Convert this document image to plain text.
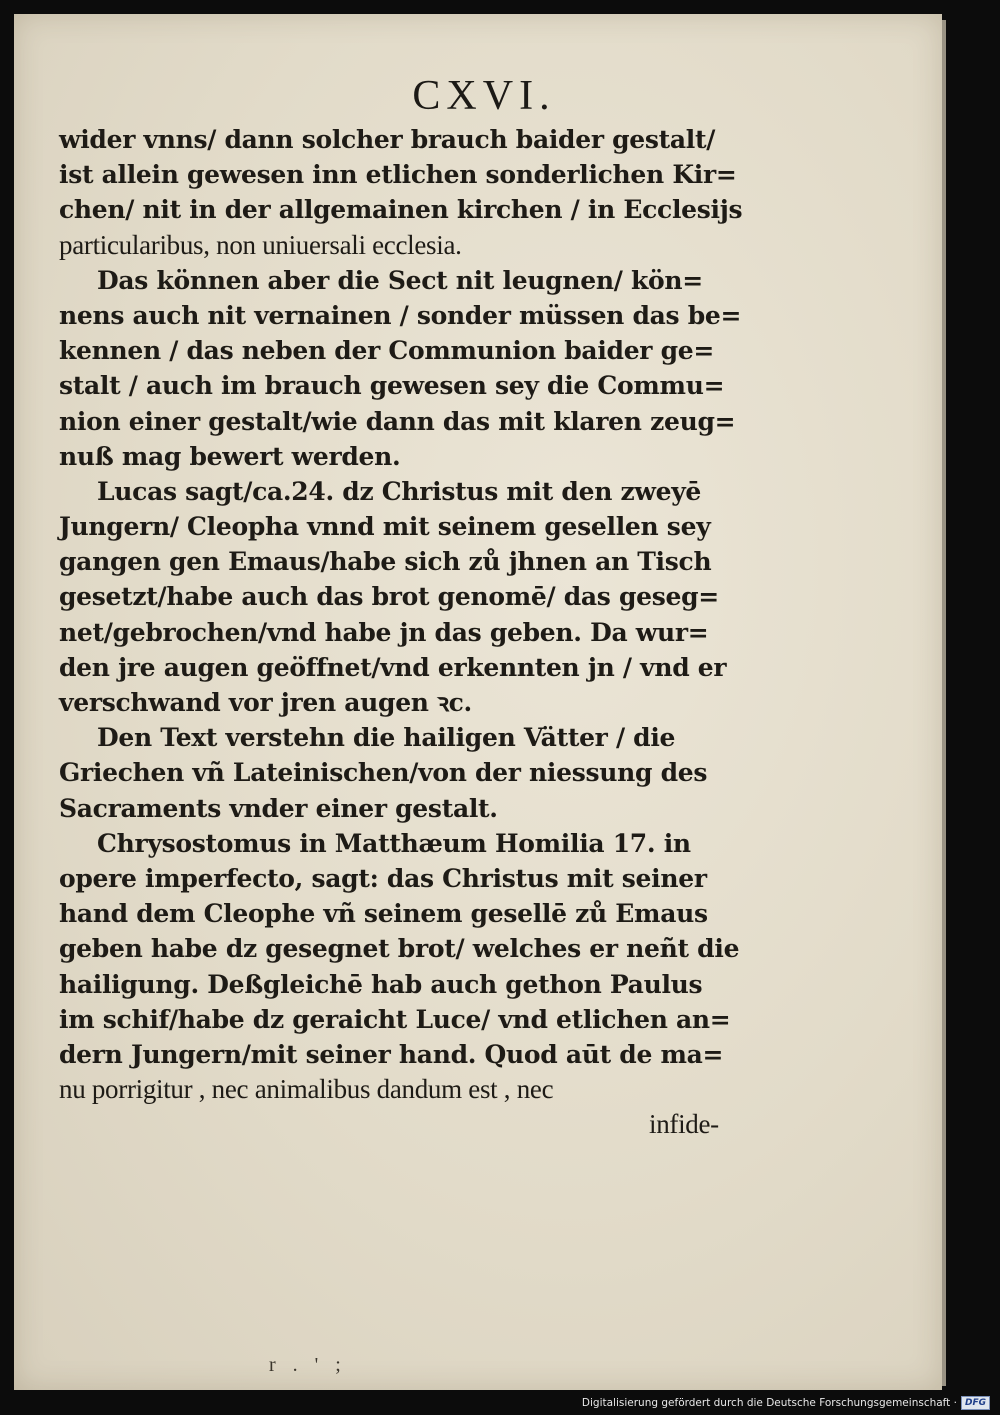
CXVI.
wider vnns/ dann solcher brauch baider gestalt/
ist allein gewesen inn etlichen sonderlichen Kir=
chen/ nit in der allgemainen kirchen / in Ecclesijs
particularibus, non uniuersali ecclesia.
Das können aber die Sect nit leugnen/ kön=
nens auch nit vernainen / sonder müssen das be=
kennen / das neben der Communion baider ge=
stalt / auch im brauch gewesen sey die Commu=
nion einer gestalt/wie dann das mit klaren zeug=
nuß mag bewert werden.
Lucas sagt/ca.24. dz Christus mit den zweyē
Jungern/ Cleopha vnnd mit seinem gesellen sey
gangen gen Emaus/habe sich zů jhnen an Tisch
gesetzt/habe auch das brot genomē/ das geseg=
net/gebrochen/vnd habe jn das geben. Da wur=
den jre augen geöffnet/vnd erkennten jn / vnd er
verschwand vor jren augen ꝛc.
Den Text verstehn die hailigen Vätter / die
Griechen vñ Lateinischen/von der niessung des
Sacraments vnder einer gestalt.
Chrysostomus in Matthæum Homilia 17. in
opere imperfecto, sagt: das Christus mit seiner
hand dem Cleophe vñ seinem gesellē zů Emaus
geben habe dz gesegnet brot/ welches er neñt die
hailigung. Deßgleichē hab auch gethon Paulus
im schif/habe dz geraicht Luce/ vnd etlichen an=
dern Jungern/mit seiner hand. Quod aūt de ma=
nu porrigitur , nec animalibus dandum est , nec
infide-
r . ' ;
Digitalisierung gefördert durch die Deutsche Forschungsgemeinschaft · DFG
